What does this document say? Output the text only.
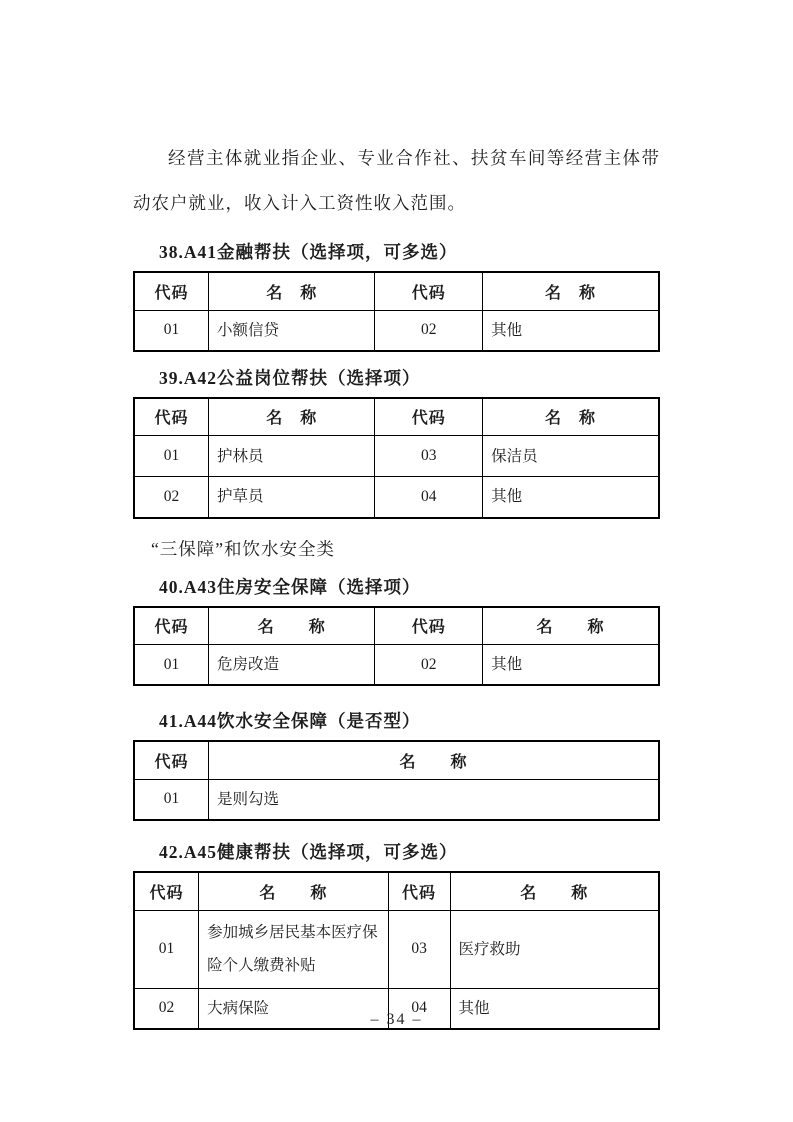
经营主体就业指企业、专业合作社、扶贫车间等经营主体带动农户就业，收入计入工资性收入范围。

38.A41金融帮扶（选择项，可多选）
代码	名　称	代码	名　称
01	小额信贷	02	其他
39.A42公益岗位帮扶（选择项）
代码	名　称	代码	名　称
01	护林员	03	保洁员
02	护草员	04	其他
“三保障”和饮水安全类
40.A43住房安全保障（选择项）
代码	名　　称	代码	名　　称
01	危房改造	02	其他
41.A44饮水安全保障（是否型）
代码	名　　称
01	是则勾选
42.A45健康帮扶（选择项，可多选）
代码	名　　称	代码	名　　称
01	参加城乡居民基本医疗保险个人缴费补贴	03	医疗救助
02	大病保险	04	其他
– 34 –
